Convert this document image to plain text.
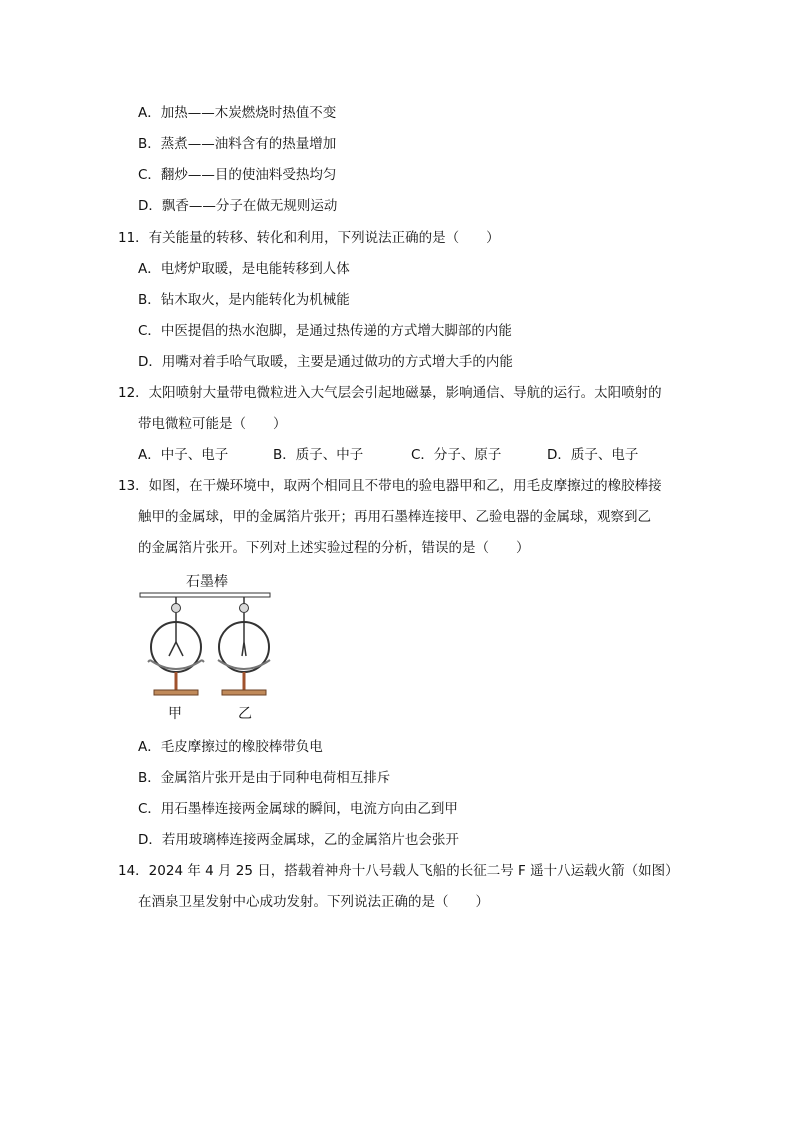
A．加热——木炭燃烧时热值不变
B．蒸煮——油料含有的热量增加
C．翻炒——目的使油料受热均匀
D．飘香——分子在做无规则运动
11．有关能量的转移、转化和利用，下列说法正确的是（　　）
A．电烤炉取暖，是电能转移到人体
B．钻木取火，是内能转化为机械能
C．中医提倡的热水泡脚，是通过热传递的方式增大脚部的内能
D．用嘴对着手哈气取暖，主要是通过做功的方式增大手的内能
12．太阳喷射大量带电微粒进入大气层会引起地磁暴，影响通信、导航的运行。太阳喷射的
带电微粒可能是（　　）
A．中子、电子	B．质子、中子	C．分子、原子	D．质子、电子
13．如图，在干燥环境中，取两个相同且不带电的验电器甲和乙，用毛皮摩擦过的橡胶棒接
触甲的金属球，甲的金属箔片张开；再用石墨棒连接甲、乙验电器的金属球，观察到乙
的金属箔片张开。下列对上述实验过程的分析，错误的是（　　）
石墨棒
甲	乙
A．毛皮摩擦过的橡胶棒带负电
B．金属箔片张开是由于同种电荷相互排斥
C．用石墨棒连接两金属球的瞬间，电流方向由乙到甲
D．若用玻璃棒连接两金属球，乙的金属箔片也会张开
14．2024 年 4 月 25 日，搭载着神舟十八号载人飞船的长征二号 F 遥十八运载火箭（如图）
在酒泉卫星发射中心成功发射。下列说法正确的是（　　）
